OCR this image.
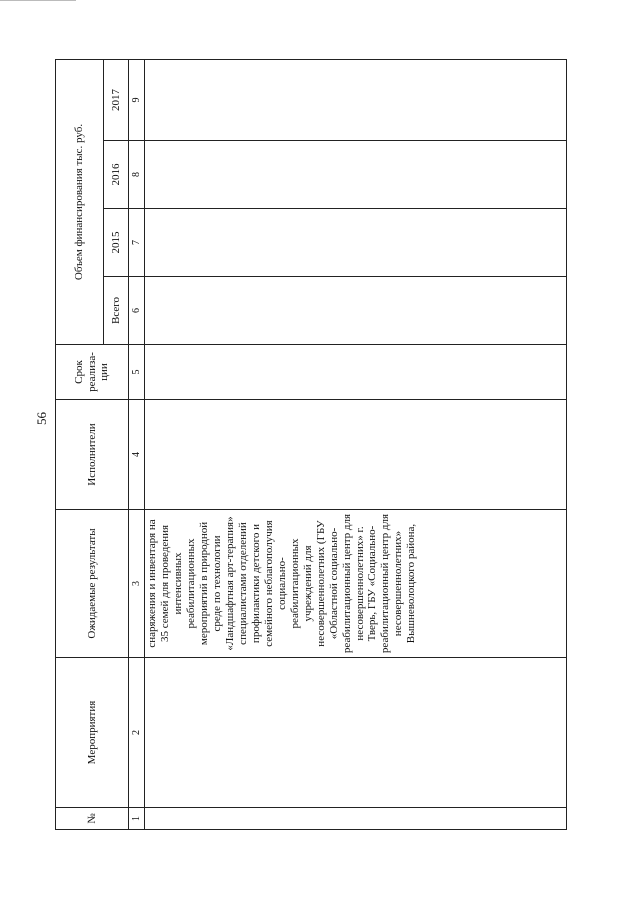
56
№	Мероприятия	Ожидаемые результаты	Исполнители	Срок реализа-ции	Объем финансирования тыс. руб.			
					Всего	2015	2016	2017
1	2	3	4	5	6	7	8	9

		снаряжения и инвентаря на 35 семей для проведения интенсивных реабилитационных мероприятий в природной среде по технологии «Ландшафтная арт-терапия» специалистами отделений профилактики детского и семейного неблагополучия социально-реабилитационных учреждений для несовершеннолетних (ГБУ «Областной социально-реабилитационный центр для несовершеннолетних» г. Тверь, ГБУ «Социально-реабилитационный центр для несовершеннолетних» Вышневолоцкого района,						
